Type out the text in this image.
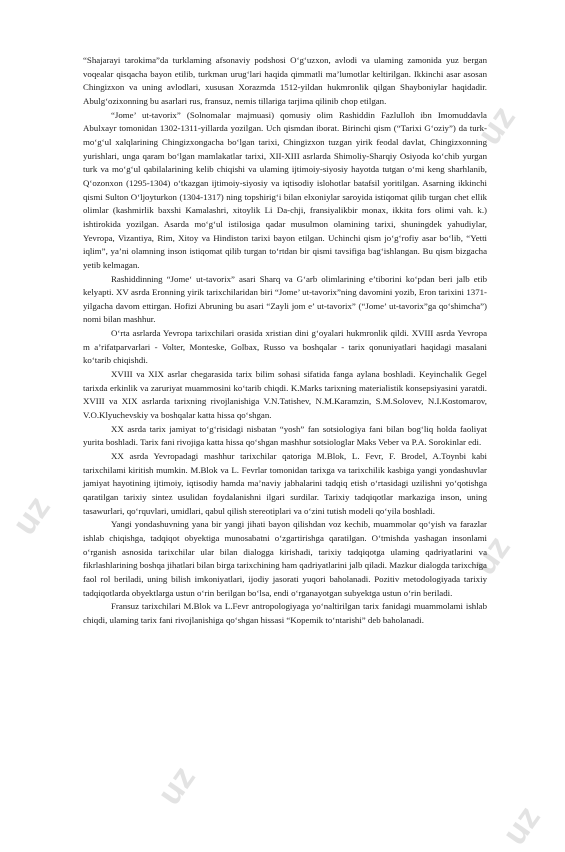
uz
uz
uz
uz
uz

“Shajarayi tarokima”da turklaming afsonaviy podshosi O‘g‘uzxon, avlodi va ulaming zamonida yuz bergan voqealar qisqacha bayon etilib, turkman urug‘lari haqida qimmatli ma’lumotlar keltirilgan. Ikkinchi asar asosan Chingizxon va uning avlodlari, xususan Xorazmda 1512-yildan hukmronlik qilgan Shayboniylar haqidadir. Abulg‘ozixonning bu asarlari rus, fransuz, nemis tillariga tarjima qilinib chop etilgan.

“Jome’ ut-tavorix” (Solnomalar majmuasi) qomusiy olim Rashiddin Fazlulloh ibn Imomuddavla Abulxayr tomonidan 1302-1311-yillarda yozilgan. Uch qismdan iborat. Birinchi qism (“Tarixi G‘oziy”) da turk-mo‘g‘ul xalqlarining Chingizxongacha bo‘lgan tarixi, Chingizxon tuzgan yirik feodal davlat, Chingizxonning yurishlari, unga qaram bo‘lgan mamlakatlar tarixi, XII-XIII asrlarda Shimoliy-Sharqiy Osiyoda ko‘chib yurgan turk va mo‘g‘ul qabilalarining kelib chiqishi va ulaming ijtimoiy-siyosiy hayotda tutgan o‘mi keng sharhlanib, Q‘ozonxon (1295-1304) o‘tkazgan ijtimoiy-siyosiy va iqtisodiy islohotlar batafsil yoritilgan. Asarning ikkinchi qismi Sulton O‘ljoyturkon (1304-1317) ning topshirig‘i bilan elxoniylar saroyida istiqomat qilib turgan chet ellik olimlar (kashmirlik baxshi Kamalashri, xitoylik Li Da-chji, fransiyalikbir monax, ikkita fors olimi vah. k.) ishtirokida yozilgan. Asarda mo‘g‘ul istilosiga qadar musulmon olamining tarixi, shuningdek yahudiylar, Yevropa, Vizantiya, Rim, Xitoy va Hindiston tarixi bayon etilgan. Uchinchi qism jo‘g‘rofiy asar bo‘lib, “Yetti iqlim”, ya’ni olamning inson istiqomat qilib turgan to‘rtdan bir qismi tavsifiga bag‘ishlangan. Bu qism bizgacha yetib kelmagan.

Rashiddinning “Jome‘ ut-tavorix” asari Sharq va G‘arb olimlarining e’tiborini ko‘pdan beri jalb etib kelyapti. XV asrda Eronning yirik tarixchilaridan biri “Jome’ ut-tavorix”ning davomini yozib, Eron tarixini 1371-yilgacha davom ettirgan. Hofizi Abruning bu asari “Zayli jom e’ ut-tavorix” (“Jome’ ut-tavorix”ga qo‘shimcha”) nomi bilan mashhur.

O‘rta asrlarda Yevropa tarixchilari orasida xristian dini g‘oyalari hukmronlik qildi. XVIII asrda Yevropa m a’rifatparvarlari - Volter, Monteske, Golbax, Russo va boshqalar - tarix qonuniyatlari haqidagi masalani ko‘tarib chiqishdi.

XVIII va XIX asrlar chegarasida tarix bilim sohasi sifatida fanga aylana boshladi. Keyinchalik Gegel tarixda erkinlik va zaruriyat muammosini ko‘tarib chiqdi. K.Marks tarixning materialistik konsepsiyasini yaratdi. XVIII va XIX asrlarda tarixning rivojlanishiga V.N.Tatishev, N.M.Karamzin, S.M.Solovev, N.I.Kostomarov, V.O.Klyuchevskiy va boshqalar katta hissa qo‘shgan.

XX asrda tarix jamiyat to‘g‘risidagi nisbatan “yosh” fan sotsiologiya fani bilan bog‘liq holda faoliyat yurita boshladi. Tarix fani rivojiga katta hissa qo‘shgan mashhur sotsiologlar Maks Veber va P.A. Sorokinlar edi.

XX asrda Yevropadagi mashhur tarixchilar qatoriga M.Blok, L. Fevr, F. Brodel, A.Toynbi kabi tarixchilami kiritish mumkin. M.Blok va L. Fevrlar tomonidan tarixga va tarixchilik kasbiga yangi yondashuvlar jamiyat hayotining ijtimoiy, iqtisodiy hamda ma’naviy jabhalarini tadqiq etish o‘rtasidagi uzilishni yo‘qotishga qaratilgan tarixiy sintez usulidan foydalanishni ilgari surdilar. Tarixiy tadqiqotlar markaziga inson, uning tasawurlari, qo‘rquvlari, umidlari, qabul qilish stereotiplari va o‘zini tutish modeli qo‘yila boshladi.

Yangi yondashuvning yana bir yangi jihati bayon qilishdan voz kechib, muammolar qo‘yish va farazlar ishlab chiqishga, tadqiqot obyektiga munosabatni o‘zgartirishga qaratilgan. O‘tmishda yashagan insonlami o‘rganish asnosida tarixchilar ular bilan dialogga kirishadi, tarixiy tadqiqotga ulaming qadriyatlarini va fikrlashlarining boshqa jihatlari bilan birga tarixchining ham qadriyatlarini jalb qiladi. Mazkur dialogda tarixchiga faol rol beriladi, uning bilish imkoniyatlari, ijodiy jasorati yuqori baholanadi. Pozitiv metodologiyada tarixiy tadqiqotlarda obyektlarga ustun o‘rin berilgan bo‘lsa, endi o‘rganayotgan subyektga ustun o‘rin beriladi.

Fransuz tarixchilari M.Blok va L.Fevr antropologiyaga yo‘naltirilgan tarix fanidagi muammolami ishlab chiqdi, ulaming tarix fani rivojlanishiga qo‘shgan hissasi “Kopemik to‘ntarishi” deb baholanadi.
